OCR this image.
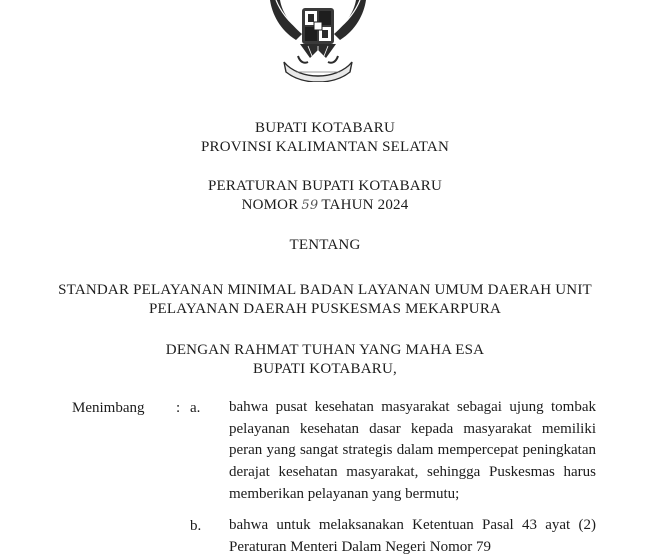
BUPATI KOTABARU
PROVINSI KALIMANTAN SELATAN
PERATURAN BUPATI KOTABARU
NOMOR 59 TAHUN 2024
TENTANG
STANDAR PELAYANAN MINIMAL BADAN LAYANAN UMUM DAERAH UNIT
PELAYANAN DAERAH PUSKESMAS MEKARPURA
DENGAN RAHMAT TUHAN YANG MAHA ESA
BUPATI KOTABARU,
Menimbang : a. bahwa pusat kesehatan masyarakat sebagai ujung tombak pelayanan kesehatan dasar kepada masyarakat memiliki peran yang sangat strategis dalam mempercepat peningkatan derajat kesehatan masyarakat, sehingga Puskesmas harus memberikan pelayanan yang bermutu;
b. bahwa untuk melaksanakan Ketentuan Pasal 43 ayat (2) Peraturan Menteri Dalam Negeri Nomor 79
